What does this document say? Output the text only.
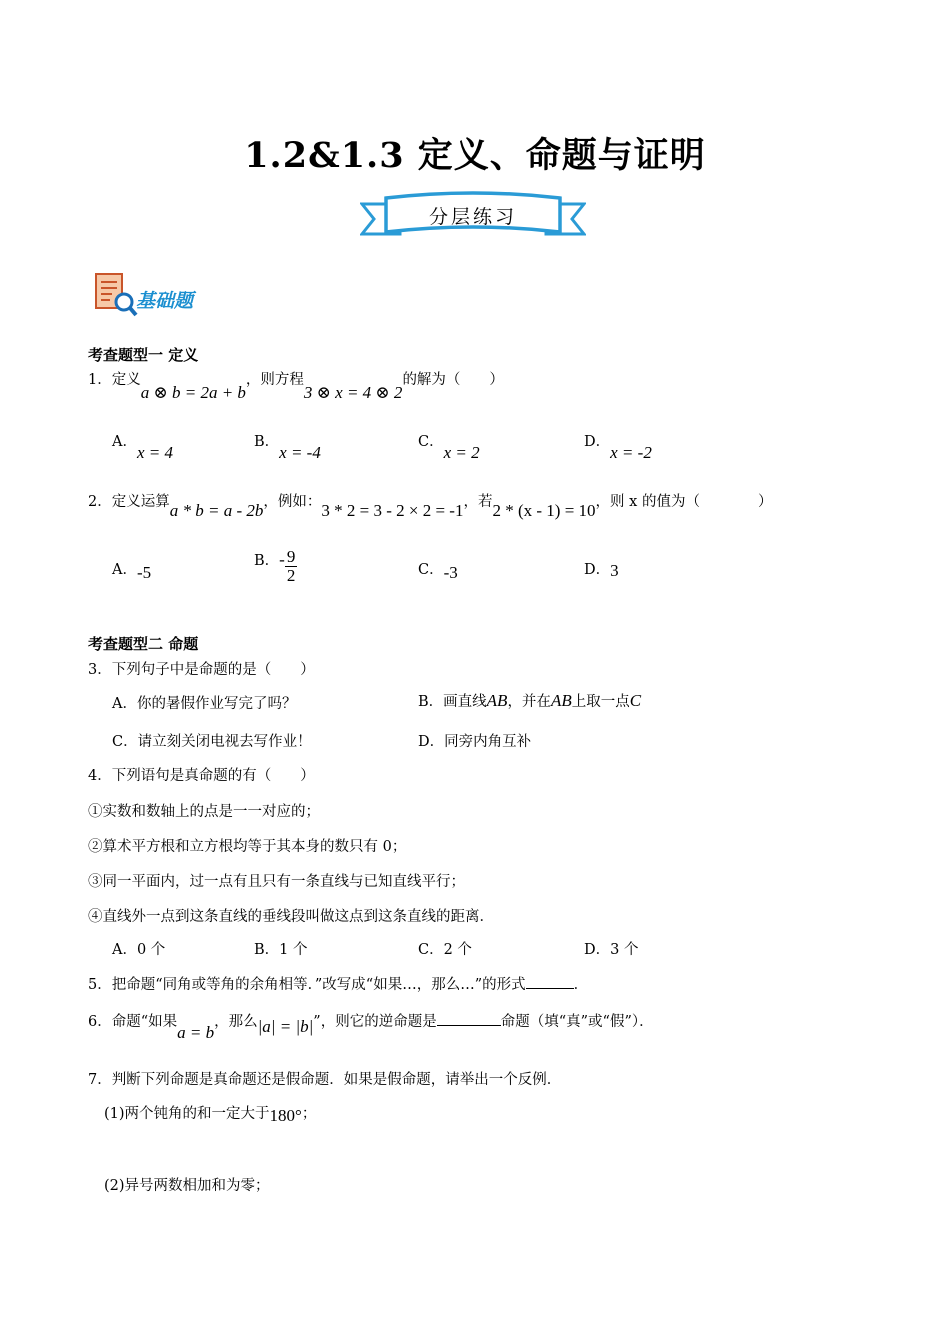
1.2&1.3 定义、命题与证明
分层练习
基础题
考查题型一 定义
1．定义a ⊗ b = 2a + b，则方程3 ⊗ x = 4 ⊗ 2的解为（　　）
A．x = 4
B．x = -4
C．x = 2
D．x = -2
2．定义运算a * b = a - 2b，例如：3 * 2 = 3 - 2 × 2 = -1，若2 * (x - 1) = 10，则 x 的值为（　　　　）
A．-5
B．- $\frac{9}{2}$	C．-3	D．3
考查题型二 命题
3．下列句子中是命题的是（　　）
A．你的暑假作业写完了吗？	B．画直线AB，并在AB上取一点C
C．请立刻关闭电视去写作业！	D．同旁内角互补
4．下列语句是真命题的有（　　）
①实数和数轴上的点是一一对应的；
②算术平方根和立方根均等于其本身的数只有 0；
③同一平面内，过一点有且只有一条直线与已知直线平行；
④直线外一点到这条直线的垂线段叫做这点到这条直线的距离．
A．0 个	B．1 个	C．2 个	D．3 个
5．把命题“同角或等角的余角相等．”改写成“如果…，那么…”的形式	．
6．命题“如果a = b，那么|a| = |b|”，则它的逆命题是	命题（填“真”或“假”）．
7．判断下列命题是真命题还是假命题．如果是假命题，请举出一个反例．
(1)两个钝角的和一定大于180°；
(2)异号两数相加和为零；
